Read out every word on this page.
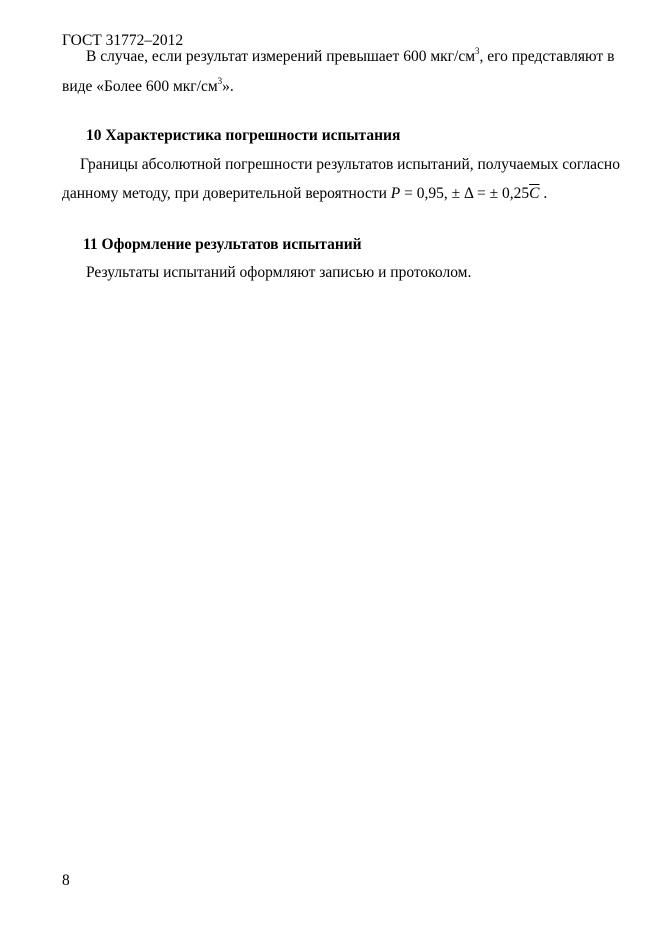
ГОСТ 31772–2012
В случае, если результат измерений превышает 600 мкг/$см^3$, его представляют в
виде «Более 600 мкг/$см^3$».
10 Характеристика погрешности испытания
Границы абсолютной погрешности результатов испытаний, получаемых согласно
данному методу, при доверительной вероятности P = 0,95, ± Δ = ± $0,25\overline{C}$ .
11 Оформление результатов испытаний
Результаты испытаний оформляют записью и протоколом.
8
